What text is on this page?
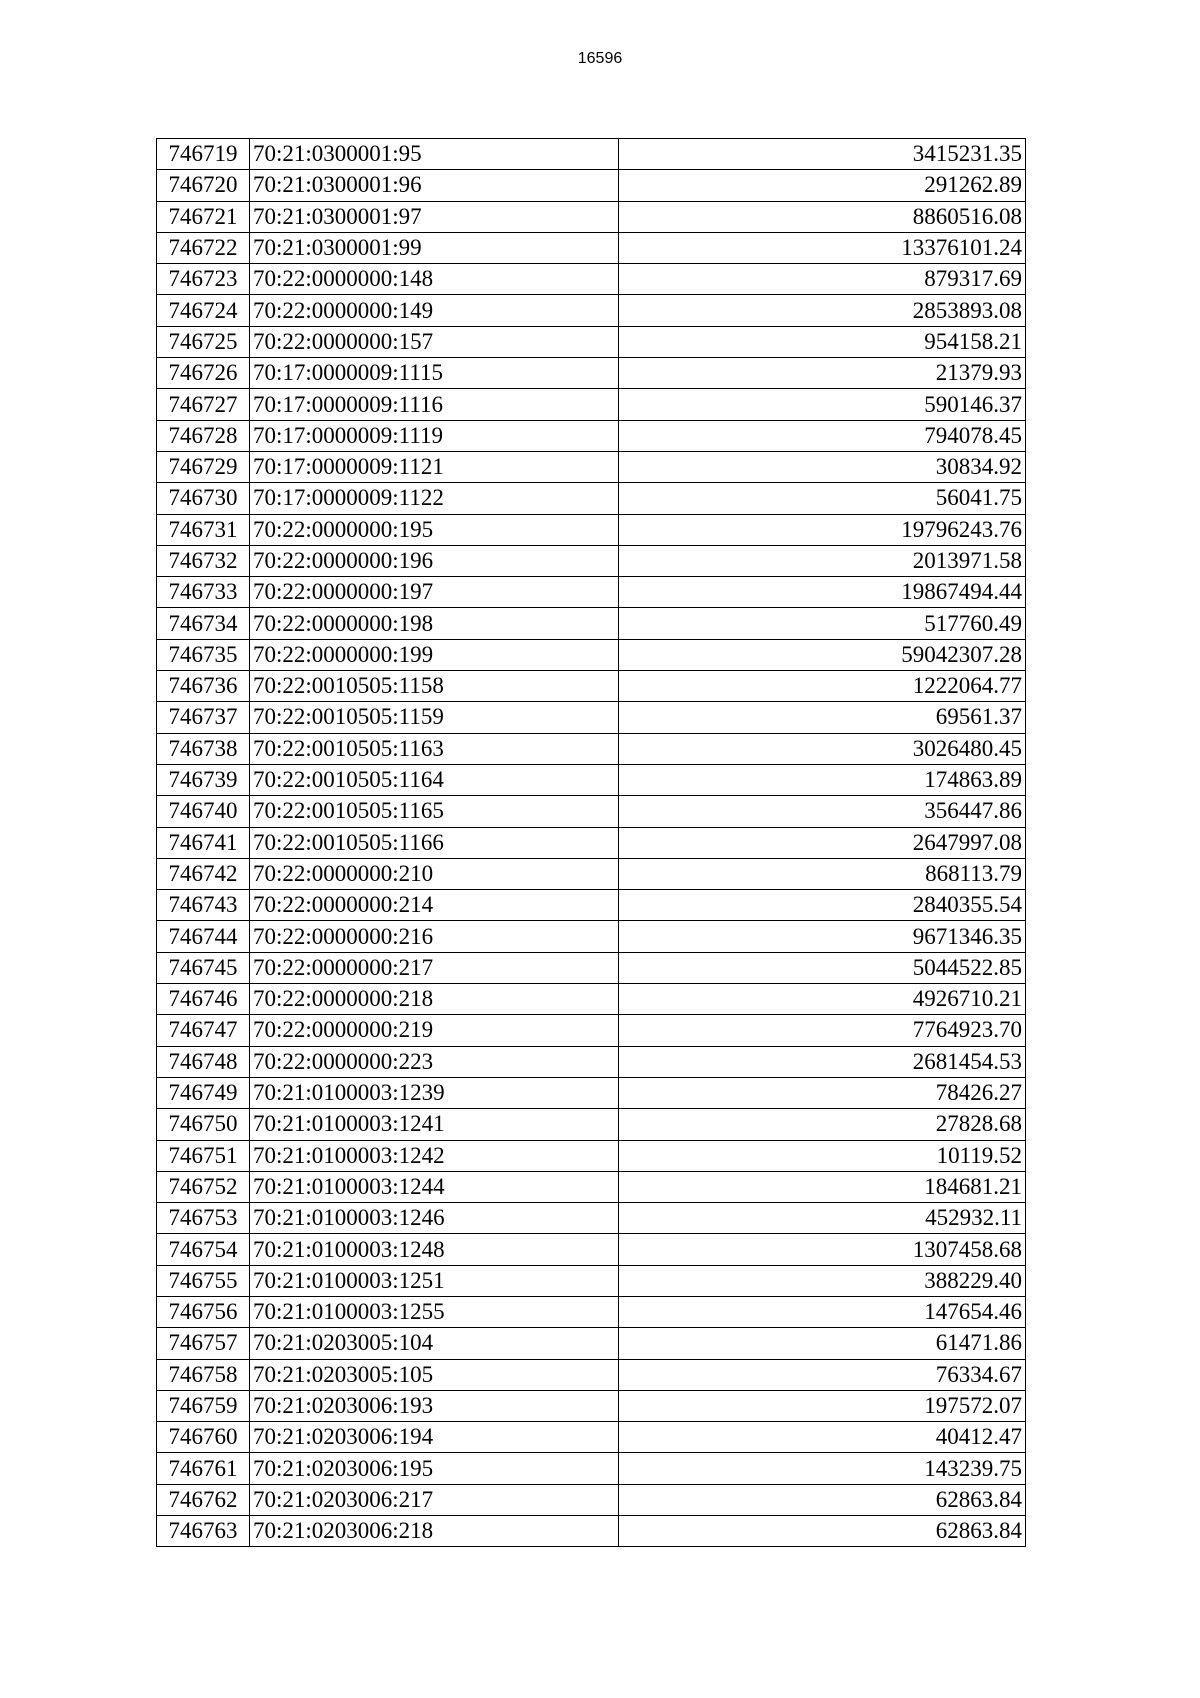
16596
746719	70:21:0300001:95	3415231.35
746720	70:21:0300001:96	291262.89
746721	70:21:0300001:97	8860516.08
746722	70:21:0300001:99	13376101.24
746723	70:22:0000000:148	879317.69
746724	70:22:0000000:149	2853893.08
746725	70:22:0000000:157	954158.21
746726	70:17:0000009:1115	21379.93
746727	70:17:0000009:1116	590146.37
746728	70:17:0000009:1119	794078.45
746729	70:17:0000009:1121	30834.92
746730	70:17:0000009:1122	56041.75
746731	70:22:0000000:195	19796243.76
746732	70:22:0000000:196	2013971.58
746733	70:22:0000000:197	19867494.44
746734	70:22:0000000:198	517760.49
746735	70:22:0000000:199	59042307.28
746736	70:22:0010505:1158	1222064.77
746737	70:22:0010505:1159	69561.37
746738	70:22:0010505:1163	3026480.45
746739	70:22:0010505:1164	174863.89
746740	70:22:0010505:1165	356447.86
746741	70:22:0010505:1166	2647997.08
746742	70:22:0000000:210	868113.79
746743	70:22:0000000:214	2840355.54
746744	70:22:0000000:216	9671346.35
746745	70:22:0000000:217	5044522.85
746746	70:22:0000000:218	4926710.21
746747	70:22:0000000:219	7764923.70
746748	70:22:0000000:223	2681454.53
746749	70:21:0100003:1239	78426.27
746750	70:21:0100003:1241	27828.68
746751	70:21:0100003:1242	10119.52
746752	70:21:0100003:1244	184681.21
746753	70:21:0100003:1246	452932.11
746754	70:21:0100003:1248	1307458.68
746755	70:21:0100003:1251	388229.40
746756	70:21:0100003:1255	147654.46
746757	70:21:0203005:104	61471.86
746758	70:21:0203005:105	76334.67
746759	70:21:0203006:193	197572.07
746760	70:21:0203006:194	40412.47
746761	70:21:0203006:195	143239.75
746762	70:21:0203006:217	62863.84
746763	70:21:0203006:218	62863.84
